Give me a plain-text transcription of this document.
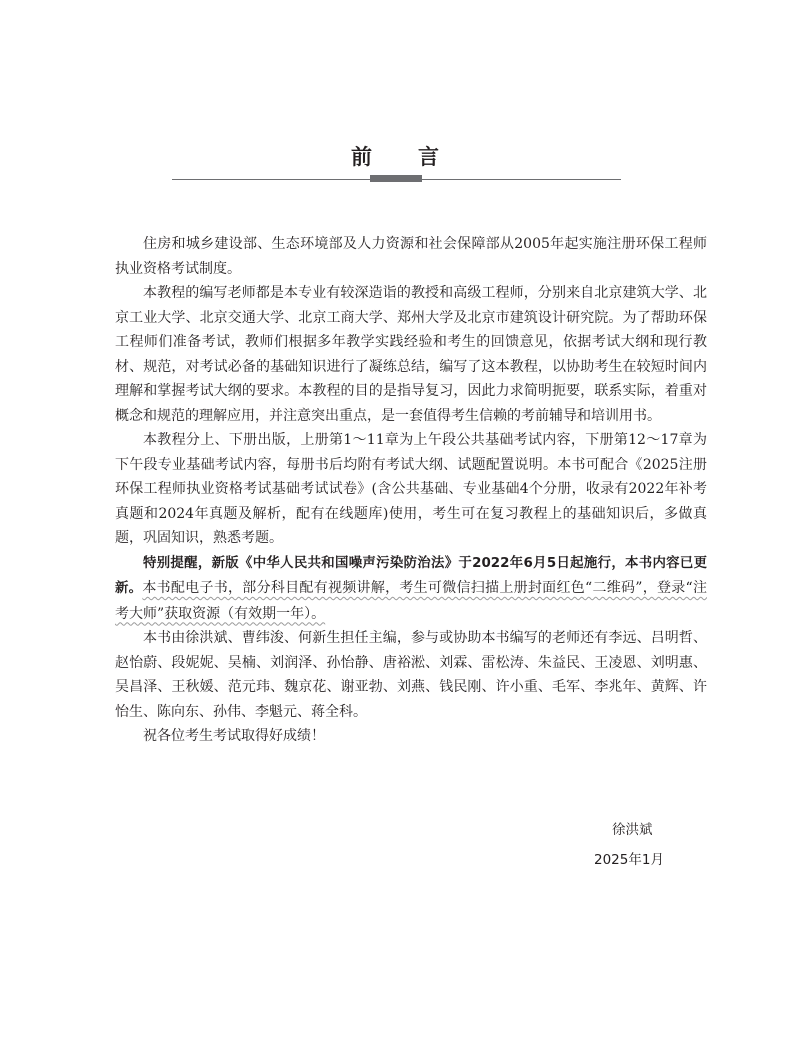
前 言

住房和城乡建设部、生态环境部及人力资源和社会保障部从2005年起实施注册环保工程师执业资格考试制度。

本教程的编写老师都是本专业有较深造诣的教授和高级工程师，分别来自北京建筑大学、北京工业大学、北京交通大学、北京工商大学、郑州大学及北京市建筑设计研究院。为了帮助环保工程师们准备考试，教师们根据多年教学实践经验和考生的回馈意见，依据考试大纲和现行教材、规范，对考试必备的基础知识进行了凝练总结，编写了这本教程，以协助考生在较短时间内理解和掌握考试大纲的要求。本教程的目的是指导复习，因此力求简明扼要，联系实际，着重对概念和规范的理解应用，并注意突出重点，是一套值得考生信赖的考前辅导和培训用书。

本教程分上、下册出版，上册第1～11章为上午段公共基础考试内容，下册第12～17章为下午段专业基础考试内容，每册书后均附有考试大纲、试题配置说明。本书可配合《2025注册环保工程师执业资格考试基础考试试卷》(含公共基础、专业基础4个分册，收录有2022年补考真题和2024年真题及解析，配有在线题库)使用，考生可在复习教程上的基础知识后，多做真题，巩固知识，熟悉考题。

特别提醒，新版《中华人民共和国噪声污染防治法》于2022年6月5日起施行，本书内容已更新。本书配电子书，部分科目配有视频讲解，考生可微信扫描上册封面红色“二维码”，登录“注考大师”获取资源（有效期一年）。

本书由徐洪斌、曹纬浚、何新生担任主编，参与或协助本书编写的老师还有李远、吕明哲、赵怡蔚、段妮妮、吴楠、刘润泽、孙怡静、唐裕淞、刘霖、雷松涛、朱益民、王凌恩、刘明惠、吴昌泽、王秋媛、范元玮、魏京花、谢亚勃、刘燕、钱民刚、许小重、毛军、李兆年、黄辉、许怡生、陈向东、孙伟、李魁元、蒋全科。

祝各位考生考试取得好成绩！

徐洪斌
2025年1月
